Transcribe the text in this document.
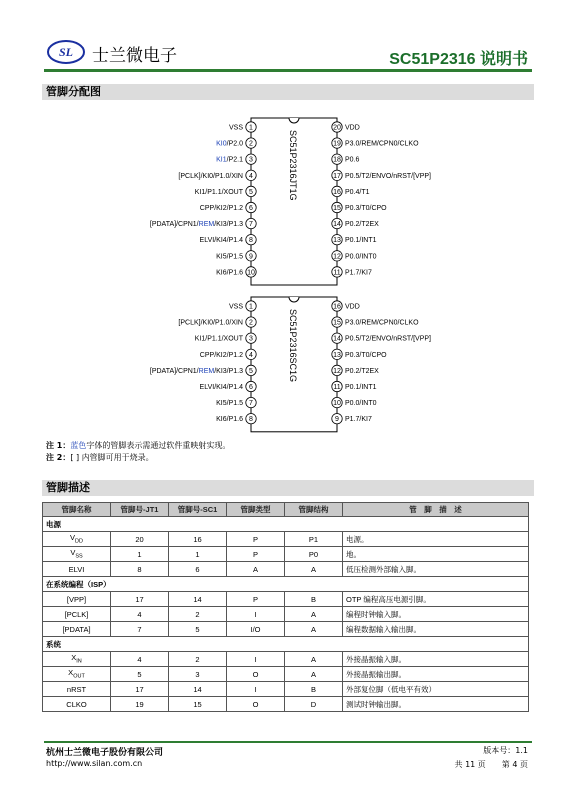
SL 士兰微电子	SC51P2316 说明书
管脚分配图
SC51P2316JT1G
1
VSS
2
KI0/P2.0
3
KI1/P2.1
4
[PCLK]/KI0/P1.0/XIN
5
KI1/P1.1/XOUT
6
CPP/KI2/P1.2
7
[PDATA]/CPN1/REM/KI3/P1.3
8
ELVI/KI4/P1.4
9
KI5/P1.5
10
KI6/P1.6
20 VDD
19 P3.0/REM/CPN0/CLKO
18 P0.6
17 P0.5/T2/ENVO/nRST/[VPP]
16 P0.4/T1
15 P0.3/T0/CPO
14 P0.2/T2EX
13 P0.1/INT1
12 P0.0/INT0
11 P1.7/KI7
SC51P2316SC1G
1
VSS
2
[PCLK]/KI0/P1.0/XIN
3
KI1/P1.1/XOUT
4
CPP/KI2/P1.2
5
[PDATA]/CPN1/REM/KI3/P1.3
6
ELVI/KI4/P1.4
7
KI5/P1.5
8
KI6/P1.6
16 VDD
15 P3.0/REM/CPN0/CLKO
14 P0.5/T2/ENVO/nRST/[VPP]
13 P0.3/T0/CPO
12 P0.2/T2EX
11 P0.1/INT1
10 P0.0/INT0
9 P1.7/KI7
注 1：蓝色字体的管脚表示需通过软件重映射实现。
注 2：[ ] 内管脚可用于烧录。
管脚描述
管脚名称	管脚号-JT1	管脚号-SC1	管脚类型	管脚结构	管　脚　描　述
电源					
$V_{DD}$	20	16	P	P1	电源。
$V_{SS}$	1	1	P	P0	地。
ELVI	8	6	A	A	低压检测外部输入脚。
在系统编程（ISP）					
[VPP]	17	14	P	B	OTP 编程高压电源引脚。
[PCLK]	4	2	I	A	编程时钟输入脚。
[PDATA]	7	5	I/O	A	编程数据输入输出脚。
系统					
$X_{IN}$	4	2	I	A	外接晶振输入脚。
$X_{OUT}$	5	3	O	A	外接晶振输出脚。
nRST	17	14	I	B	外部复位脚（低电平有效）
CLKO	19	15	O	D	测试时钟输出脚。
杭州士兰微电子股份有限公司
http://www.silan.com.cn
版本号：1.1
共 11 页　　第 4 页
